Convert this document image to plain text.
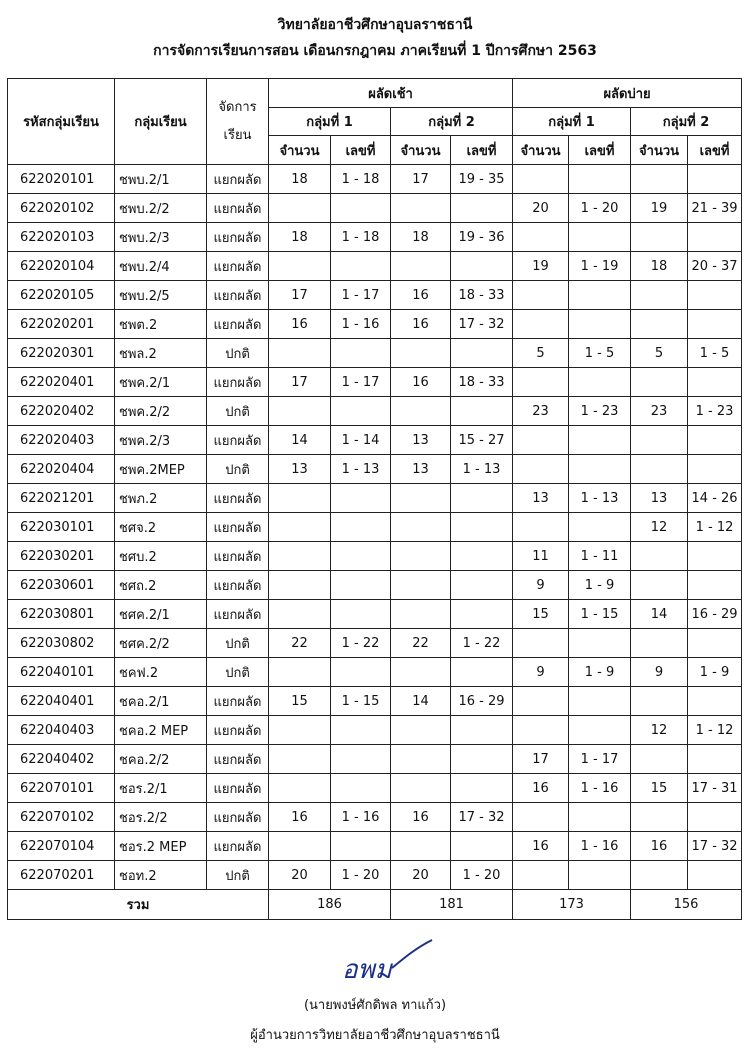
วิทยาลัยอาชีวศึกษาอุบลราชธานี
การจัดการเรียนการสอน เดือนกรกฎาคม ภาคเรียนที่ 1 ปีการศึกษา 2563
รหัสกลุ่มเรียน	กลุ่มเรียน	จัดการเรียน	ผลัดเช้า				ผลัดบ่าย			
			กลุ่มที่ 1		กลุ่มที่ 2		กลุ่มที่ 1		กลุ่มที่ 2	
			จำนวน	เลขที่	จำนวน	เลขที่	จำนวน	เลขที่	จำนวน	เลขที่
622020101	ชพบ.2/1	แยกผลัด	18	1 - 18	17	19 - 35				
622020102	ชพบ.2/2	แยกผลัด					20	1 - 20	19	21 - 39
622020103	ชพบ.2/3	แยกผลัด	18	1 - 18	18	19 - 36				
622020104	ชพบ.2/4	แยกผลัด					19	1 - 19	18	20 - 37
622020105	ชพบ.2/5	แยกผลัด	17	1 - 17	16	18 - 33				
622020201	ชพต.2	แยกผลัด	16	1 - 16	16	17 - 32				
622020301	ชพล.2	ปกติ					5	1 - 5	5	1 - 5
622020401	ชพค.2/1	แยกผลัด	17	1 - 17	16	18 - 33				
622020402	ชพค.2/2	ปกติ					23	1 - 23	23	1 - 23
622020403	ชพค.2/3	แยกผลัด	14	1 - 14	13	15 - 27				
622020404	ชพค.2MEP	ปกติ	13	1 - 13	13	1 - 13				
622021201	ชพภ.2	แยกผลัด					13	1 - 13	13	14 - 26
622030101	ชศจ.2	แยกผลัด							12	1 - 12
622030201	ชศบ.2	แยกผลัด					11	1 - 11		
622030601	ชศถ.2	แยกผลัด					9	1 - 9		
622030801	ชศค.2/1	แยกผลัด					15	1 - 15	14	16 - 29
622030802	ชศค.2/2	ปกติ	22	1 - 22	22	1 - 22				
622040101	ชคฟ.2	ปกติ					9	1 - 9	9	1 - 9
622040401	ชคอ.2/1	แยกผลัด	15	1 - 15	14	16 - 29				
622040403	ชคอ.2 MEP	แยกผลัด							12	1 - 12
622040402	ชคอ.2/2	แยกผลัด					17	1 - 17		
622070101	ชอร.2/1	แยกผลัด					16	1 - 16	15	17 - 31
622070102	ชอร.2/2	แยกผลัด	16	1 - 16	16	17 - 32				
622070104	ชอร.2 MEP	แยกผลัด					16	1 - 16	16	17 - 32
622070201	ชอท.2	ปกติ	20	1 - 20	20	1 - 20				
รวม			186		181		173		156	
อพม
(นายพงษ์ศักดิพล ทาแก้ว)
ผู้อำนวยการวิทยาลัยอาชีวศึกษาอุบลราชธานี
